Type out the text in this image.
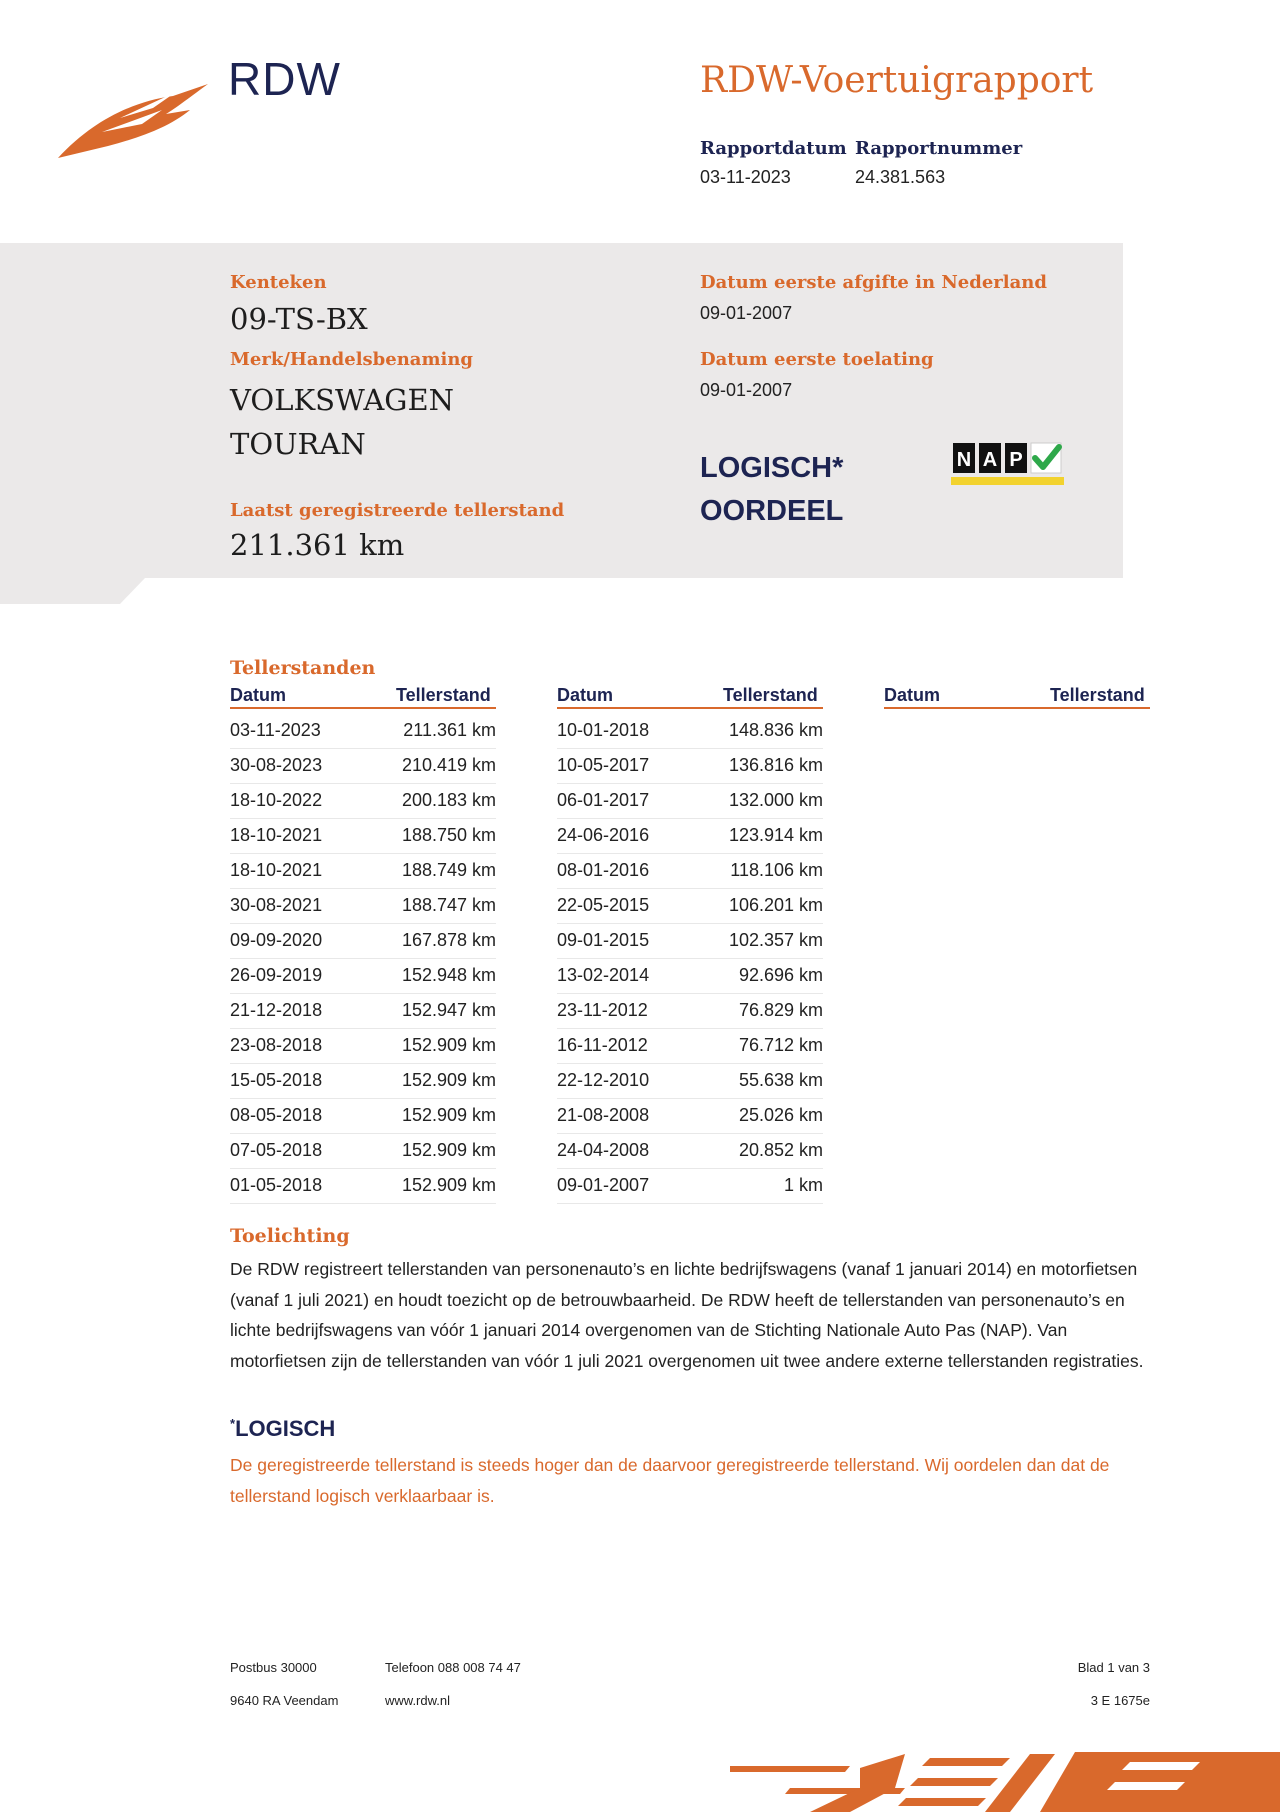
RDW	RDW-Voertuigrapport
Rapportdatum
03-11-2023
Rapportnummer
24.381.563
Kenteken
09-TS-BX
Merk/Handelsbenaming
VOLKSWAGEN
TOURAN
Laatst geregistreerde tellerstand
211.361 km
Datum eerste afgifte in Nederland
09-01-2007
Datum eerste toelating
09-01-2007
LOGISCH*
OORDEEL
N A P
Tellerstanden
Datum	Tellerstand	Datum	Tellerstand	Datum	Tellerstand
03-11-2023	211.361 km
30-08-2023	210.419 km
18-10-2022	200.183 km
18-10-2021	188.750 km
18-10-2021	188.749 km
30-08-2021	188.747 km
09-09-2020	167.878 km
26-09-2019	152.948 km
21-12-2018	152.947 km
23-08-2018	152.909 km
15-05-2018	152.909 km
08-05-2018	152.909 km
07-05-2018	152.909 km
01-05-2018	152.909 km
10-01-2018	148.836 km
10-05-2017	136.816 km
06-01-2017	132.000 km
24-06-2016	123.914 km
08-01-2016	118.106 km
22-05-2015	106.201 km
09-01-2015	102.357 km
13-02-2014	92.696 km
23-11-2012	76.829 km
16-11-2012	76.712 km
22-12-2010	55.638 km
21-08-2008	25.026 km
24-04-2008	20.852 km
09-01-2007	1 km
Toelichting
De RDW registreert tellerstanden van personenauto’s en lichte bedrijfswagens (vanaf 1 januari 2014) en motorfietsen (vanaf 1 juli 2021) en houdt toezicht op de betrouwbaarheid. De RDW heeft de tellerstanden van personenauto’s en lichte bedrijfswagens van vóór 1 januari 2014 overgenomen van de Stichting Nationale Auto Pas (NAP). Van motorfietsen zijn de tellerstanden van vóór 1 juli 2021 overgenomen uit twee andere externe tellerstanden registraties.
*LOGISCH
De geregistreerde tellerstand is steeds hoger dan de daarvoor geregistreerde tellerstand. Wij oordelen dan dat de tellerstand logisch verklaarbaar is.
Postbus 30000
9640 RA Veendam
Telefoon 088 008 74 47
www.rdw.nl
Blad 1 van 3
3 E 1675e
